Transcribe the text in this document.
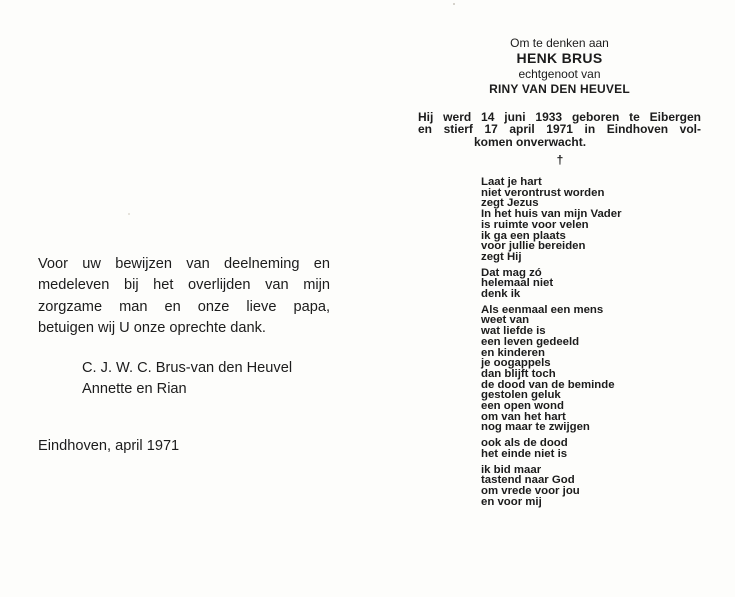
Voor uw bewijzen van deelneming en

medeleven bij het overlijden van mijn

zorgzame man en onze lieve papa,

betuigen wij U onze oprechte dank.

C. J. W. C. Brus-van den Heuvel
Annette en Rian
Eindhoven, april 1971
Om te denken aan
HENK BRUS
echtgenoot van
RINY VAN DEN HEUVEL

Hij werd 14 juni 1933 geboren te Eibergen

en stierf 17 april 1971 in Eindhoven vol-

komen onverwacht.

†
Laat je hart
niet verontrust worden
zegt Jezus
In het huis van mijn Vader
is ruimte voor velen
ik ga een plaats
voor jullie bereiden
zegt Hij
Dat mag zó
helemaal niet
denk ik
Als eenmaal een mens
weet van
wat liefde is
een leven gedeeld
en kinderen
je oogappels
dan blijft toch
de dood van de beminde
gestolen geluk
een open wond
om van het hart
nog maar te zwijgen
ook als de dood
het einde niet is
ik bid maar
tastend naar God
om vrede voor jou
en voor mij
